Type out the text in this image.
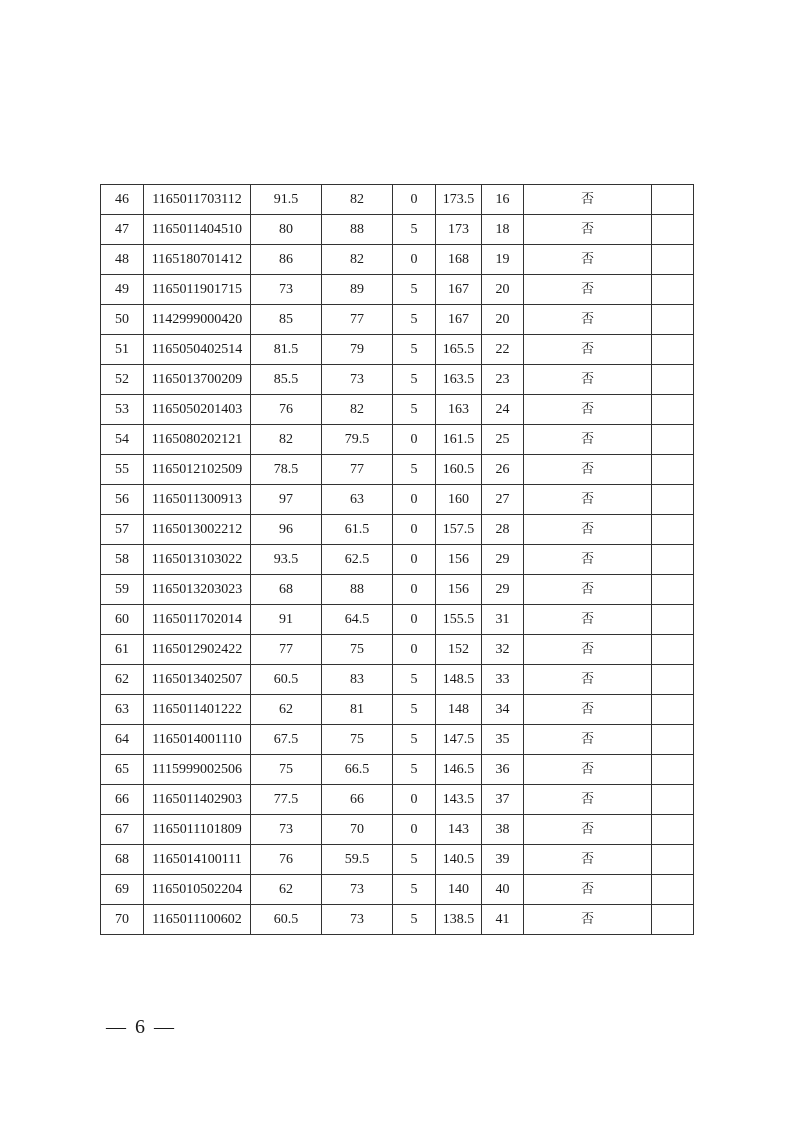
46	1165011703112	91.5	82	0	173.5	16	否	
47	1165011404510	80	88	5	173	18	否	
48	1165180701412	86	82	0	168	19	否	
49	1165011901715	73	89	5	167	20	否	
50	1142999000420	85	77	5	167	20	否	
51	1165050402514	81.5	79	5	165.5	22	否	
52	1165013700209	85.5	73	5	163.5	23	否	
53	1165050201403	76	82	5	163	24	否	
54	1165080202121	82	79.5	0	161.5	25	否	
55	1165012102509	78.5	77	5	160.5	26	否	
56	1165011300913	97	63	0	160	27	否	
57	1165013002212	96	61.5	0	157.5	28	否	
58	1165013103022	93.5	62.5	0	156	29	否	
59	1165013203023	68	88	0	156	29	否	
60	1165011702014	91	64.5	0	155.5	31	否	
61	1165012902422	77	75	0	152	32	否	
62	1165013402507	60.5	83	5	148.5	33	否	
63	1165011401222	62	81	5	148	34	否	
64	1165014001110	67.5	75	5	147.5	35	否	
65	1115999002506	75	66.5	5	146.5	36	否	
66	1165011402903	77.5	66	0	143.5	37	否	
67	1165011101809	73	70	0	143	38	否	
68	1165014100111	76	59.5	5	140.5	39	否	
69	1165010502204	62	73	5	140	40	否	
70	1165011100602	60.5	73	5	138.5	41	否	
— 6 —
